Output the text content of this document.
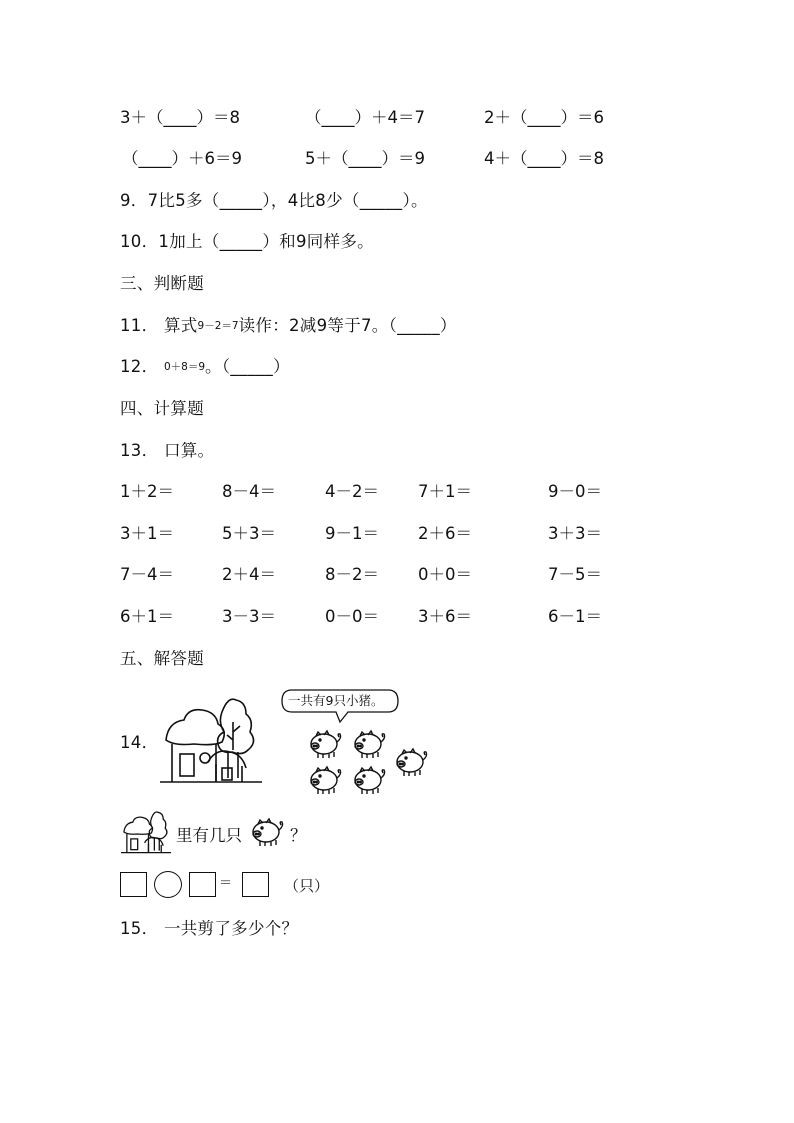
3＋（____）＝8	（____）＋4＝7	2＋（____）＝6
（____）＋6＝9	5＋（____）＝9	4＋（____）＝8
9．7比5多（_____），4比8少（_____）。
10．1加上（_____）和9同样多。
三、判断题
11． 算式9－2＝7读作：2减9等于7。（_____）
12． 0＋8＝9。（_____）
四、计算题
13． 口算。
1＋2＝	8－4＝	4－2＝ 7＋1＝	9－0＝
3＋1＝	5＋3＝	9－1＝ 2＋6＝	3＋3＝
7－4＝	2＋4＝	8－2＝ 0＋0＝	7－5＝
6＋1＝	3－3＝	0－0＝ 3＋6＝	6－1＝
五、解答题
14．
一共有9只小猪。
里有几只	？
＝	（只）
15． 一共剪了多少个？
